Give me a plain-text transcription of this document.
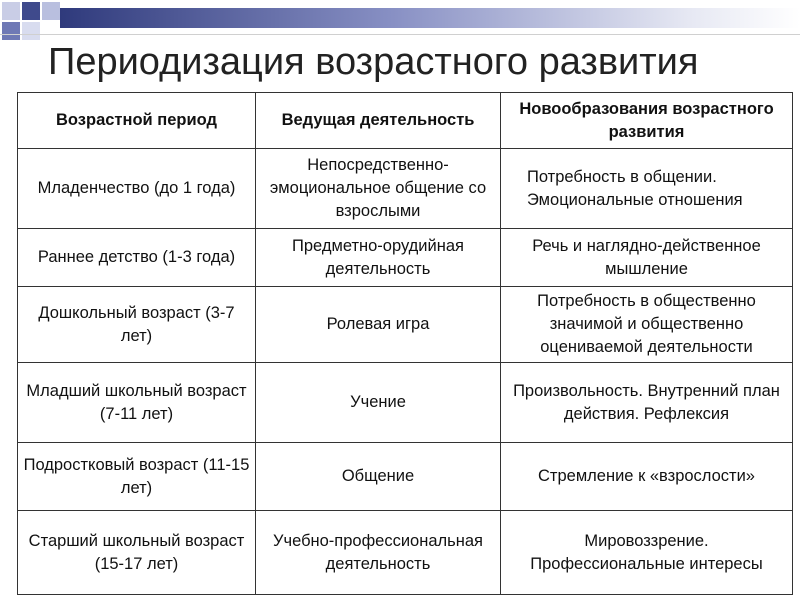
Периодизация возрастного развития
Возрастной период	Ведущая деятельность	Новообразования возрастного развития
Младенчество (до 1 года)	Непосредственно-эмоциональное общение со взрослыми	Потребность в общении. Эмоциональные отношения
Раннее детство (1-3 года)	Предметно-орудийная деятельность	Речь и наглядно-действенное мышление
Дошкольный возраст (3-7 лет)	Ролевая игра	Потребность в общественно значимой и общественно оцениваемой деятельности
Младший школьный возраст (7-11 лет)	Учение	Произвольность. Внутренний план действия. Рефлексия
Подростковый возраст (11-15 лет)	Общение	Стремление к «взрослости»
Старший школьный возраст (15-17 лет)	Учебно-профессиональная деятельность	Мировоззрение. Профессиональные интересы
